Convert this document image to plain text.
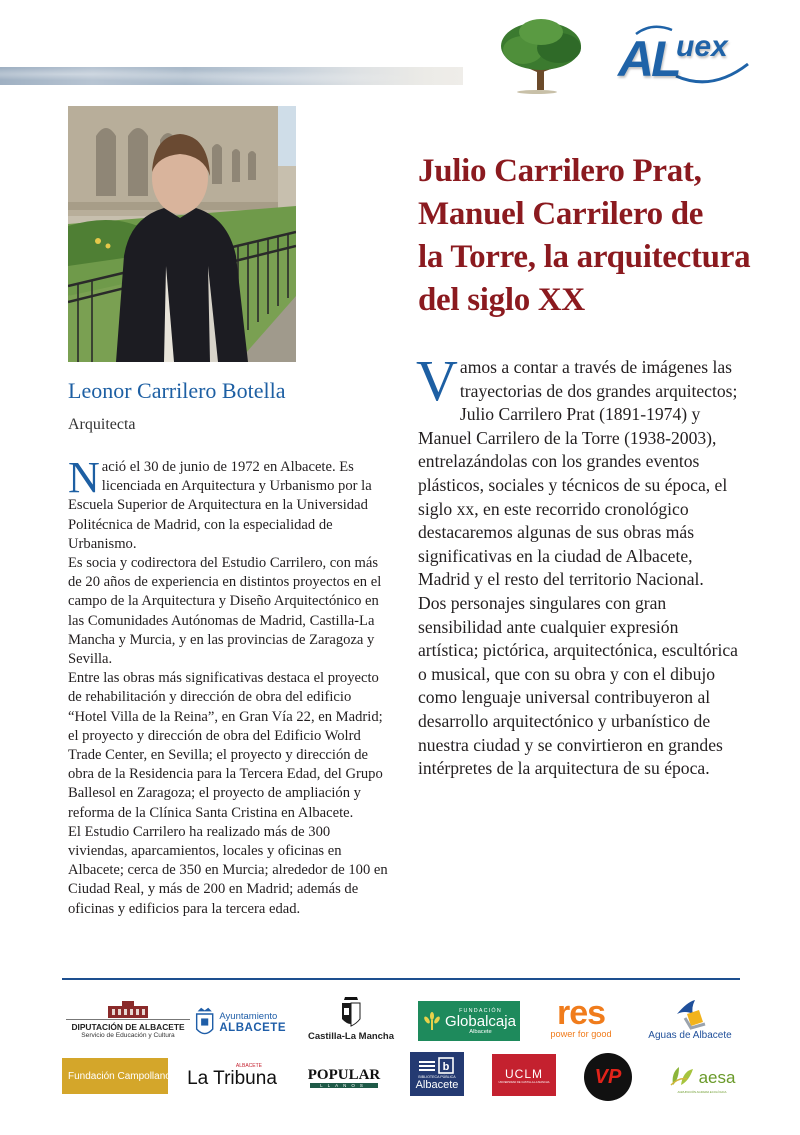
AL
uex
Leonor Carrilero Botella
Arquitecta
N ació el 30 de junio de 1972 en Albacete. Es licenciada en Arquitectura y Urbanismo por la Escuela Superior de Arquitectura en la Universidad Politécnica de Madrid, con la especialidad de Urbanismo.

Es socia y codirectora del Estudio Carrilero, con más de 20 años de experiencia en distintos proyectos en el campo de la Arquitectura y Diseño Arquitectónico en las Comunidades Autónomas de Madrid, Castilla-La Mancha y Murcia, y en las provincias de Zaragoza y Sevilla.

Entre las obras más significativas destaca el proyecto de rehabilitación y dirección de obra del edificio “Hotel Villa de la Reina”, en Gran Vía 22, en Madrid; el proyecto y dirección de obra del Edificio Wolrd Trade Center, en Sevilla; el proyecto y dirección de obra de la Residencia para la Tercera Edad, del Grupo Ballesol en Zaragoza; el proyecto de ampliación y reforma de la Clínica Santa Cristina en Albacete.

El Estudio Carrilero ha realizado más de 300 viviendas, aparcamientos, locales y oficinas en Albacete; cerca de 350 en Murcia; alrededor de 100 en Ciudad Real, y más de 200 en Madrid; además de oficinas y edificios para la tercera edad.

Julio Carrilero Prat,
Manuel Carrilero de
la Torre, la arquitectura
del siglo XX
V amos a contar a través de imágenes las trayectorias de dos grandes arquitectos; Julio Carrilero Prat (1891-1974) y Manuel Carrilero de la Torre (1938-2003), entrelazándolas con los grandes eventos plásticos, sociales y técnicos de su época, el siglo xx, en este recorrido cronológico destacaremos algunas de sus obras más significativas en la ciudad de Albacete, Madrid y el resto del territorio Nacional.

Dos personajes singulares con gran sensibilidad ante cualquier expresión artística; pictórica, arquitectónica, escultórica o musical, que con su obra y con el dibujo como lenguaje universal contribuyeron al desarrollo arquitectónico y urbanístico de nuestra ciudad y se convirtieron en grandes intérpretes de la arquitectura de su época.

DIPUTACIÓN DE ALBACETE
Servicio de Educación y Cultura
Ayuntamiento
ALBACETE
Castilla-La Mancha
FUNDACIÓN
Globalcaja
Albacete res
power for good	Aguas de Albacete
Fundación Campollano
ALBACETE
La Tribuna POPULAR
LLANOS
b
BIBLIOTECA PÚBLICA
Albacete
UCLM
UNIVERSIDAD DE CASTILLA-LA MANCHA VP	aesa
AGRUPACIÓN AGRARIA ECOLÓGICA
